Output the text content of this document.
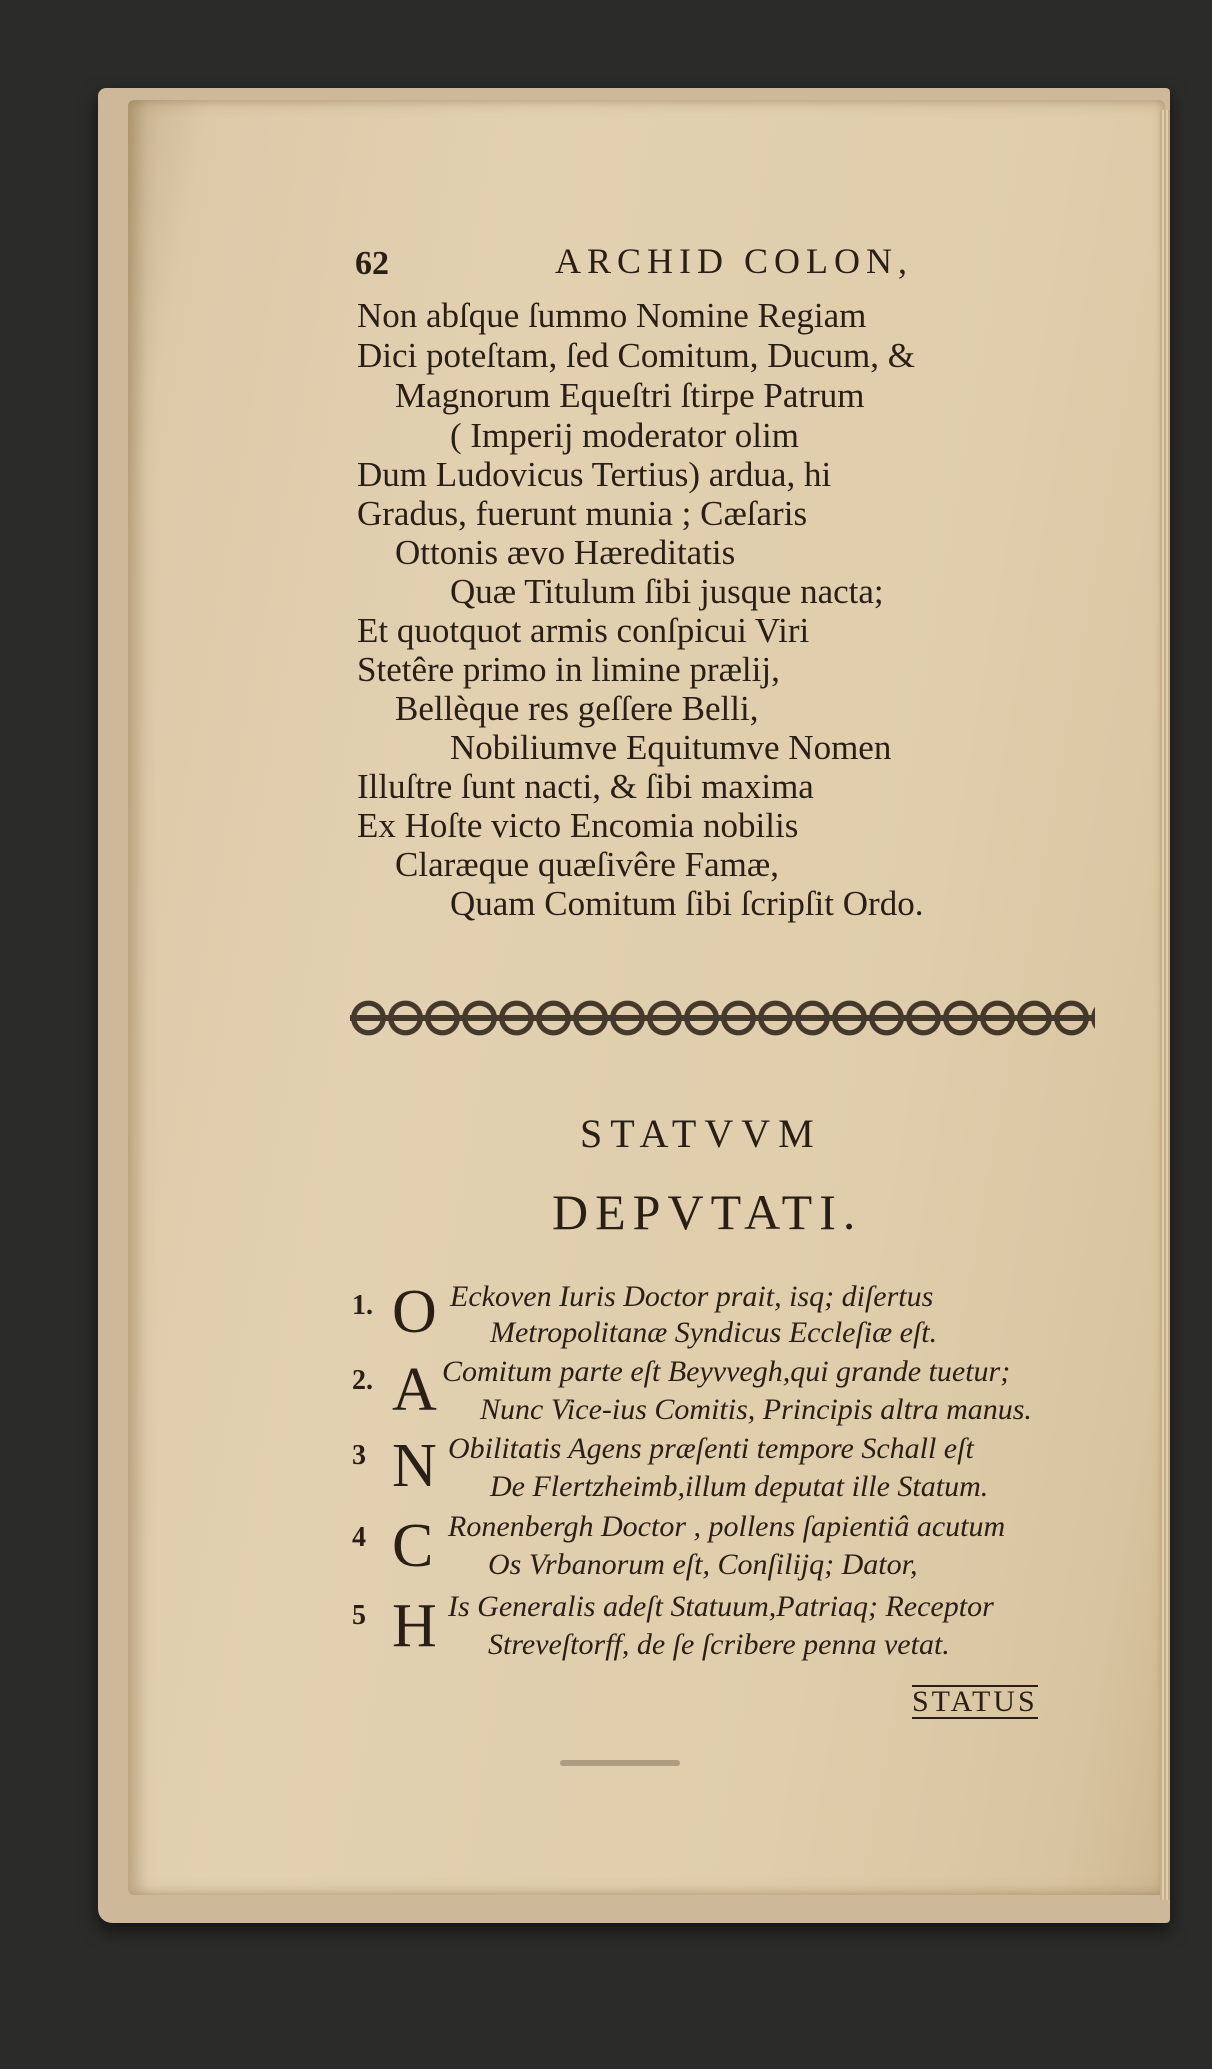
62	ARCHID COLON,
Non abſque ſummo Nomine Regiam
Dici poteſtam, ſed Comitum, Ducum, &
Magnorum Equeſtri ſtirpe Patrum
( Imperij moderator olim
Dum Ludovicus Tertius) ardua, hi
Gradus, fuerunt munia ; Cæſaris
Ottonis ævo Hæreditatis
Quæ Titulum ſibi jusque nacta;
Et quotquot armis conſpicui Viri
Stetêre primo in limine prælij,
Bellèque res geſſere Belli,
Nobiliumve Equitumve Nomen
Illuſtre ſunt nacti, & ſibi maxima
Ex Hoſte victo Encomia nobilis
Claræque quæſivêre Famæ,
Quam Comitum ſibi ſcripſit Ordo.
STATVVM
DEPVTATI.
1. O Eckoven Iuris Doctor prait, isq; diſertus
Metropolitanæ Syndicus Eccleſiæ eſt.
2. A Comitum parte eſt Beyvvegh,qui grande tuetur;
Nunc Vice-ius Comitis, Principis altra manus.
3 N Obilitatis Agens præſenti tempore Schall eſt
De Flertzheimb,illum deputat ille Statum.
4 C Ronenbergh Doctor , pollens ſapientiâ acutum
Os Vrbanorum eſt, Conſilijq; Dator,
5 H Is Generalis adeſt Statuum,Patriaq; Receptor
Streveſtorff, de ſe ſcribere penna vetat.
STATUS
